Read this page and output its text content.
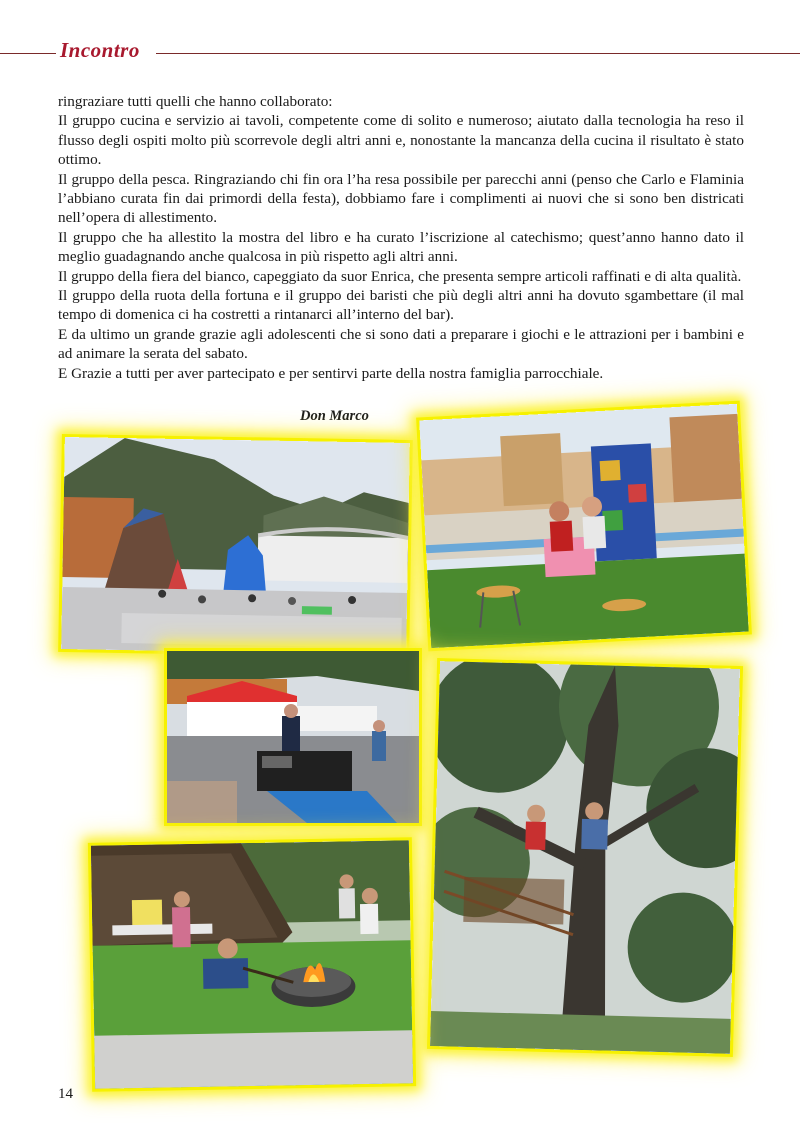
Incontro

ringraziare tutti quelli che hanno collaborato:

Il gruppo cucina e servizio ai tavoli, competente come di solito e numeroso; aiutato dalla tecnologia ha reso il flusso degli ospiti molto più scorrevole degli altri anni e, nonostante la mancanza della cucina il risultato è stato ottimo.

Il gruppo della pesca. Ringraziando chi fin ora l’ha resa possibile per parecchi anni (penso che Carlo e Flaminia l’abbiano curata fin dai primordi della festa), dobbiamo fare i complimenti ai nuovi che si sono ben districati nell’opera di allestimento.

Il gruppo che ha allestito la mostra del libro e ha curato l’iscrizione al catechismo; quest’anno hanno dato il meglio guadagnando anche qualcosa in più rispetto agli altri anni.

Il gruppo della fiera del bianco, capeggiato da suor Enrica, che presenta sempre articoli raffinati e di alta qualità.

Il gruppo della ruota della fortuna e il gruppo dei baristi che più degli altri anni ha dovuto sgambettare (il mal tempo di domenica ci ha costretti a rintanarci all’interno del bar).

E da ultimo un grande grazie agli adolescenti che si sono dati a preparare i giochi e le attrazioni per i bambini e ad animare la serata del sabato.

E Grazie a tutti per aver partecipato e per sentirvi parte della nostra famiglia parrocchiale.

Don Marco
14
